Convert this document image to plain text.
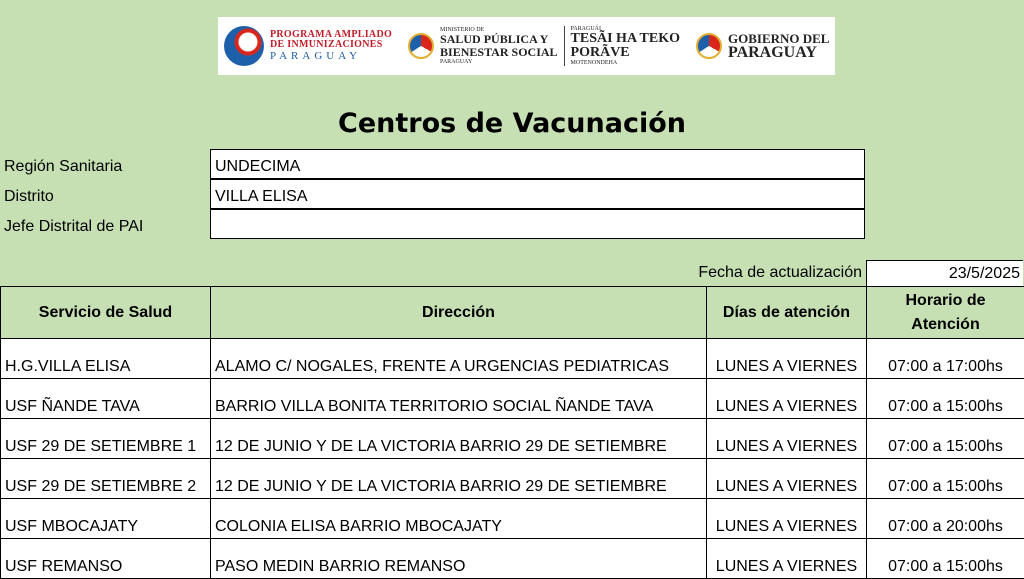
PROGRAMA AMPLIADO
DE INMUNIZACIONES
PARAGUAY
MINISTERIO DE
SALUD PÚBLICA Y
BIENESTAR SOCIAL
PARAGUAY
PARAGUÁI
TESÃI HA TEKO
PORÃVE
MOTENONDEHA
GOBIERNO DEL
PARAGUAY
Centros de Vacunación
Región Sanitaria	UNDECIMA
Distrito	VILLA ELISA
Jefe Distrital de PAI
Fecha de actualización	23/5/2025
Servicio de Salud	Dirección	Días de atención	Horario de
Atención

H.G.VILLA ELISA	ALAMO C/ NOGALES, FRENTE A URGENCIAS PEDIATRICAS	LUNES A VIERNES	07:00 a 17:00hs
USF ÑANDE TAVA	BARRIO VILLA BONITA TERRITORIO SOCIAL ÑANDE TAVA	LUNES A VIERNES	07:00 a 15:00hs
USF 29 DE SETIEMBRE 1	12 DE JUNIO Y DE LA VICTORIA BARRIO 29 DE SETIEMBRE	LUNES A VIERNES	07:00 a 15:00hs
USF 29 DE SETIEMBRE 2	12 DE JUNIO Y DE LA VICTORIA BARRIO 29 DE SETIEMBRE	LUNES A VIERNES	07:00 a 15:00hs
USF MBOCAJATY	COLONIA ELISA BARRIO MBOCAJATY	LUNES A VIERNES	07:00 a 20:00hs
USF REMANSO	PASO MEDIN BARRIO REMANSO	LUNES A VIERNES	07:00 a 15:00hs
